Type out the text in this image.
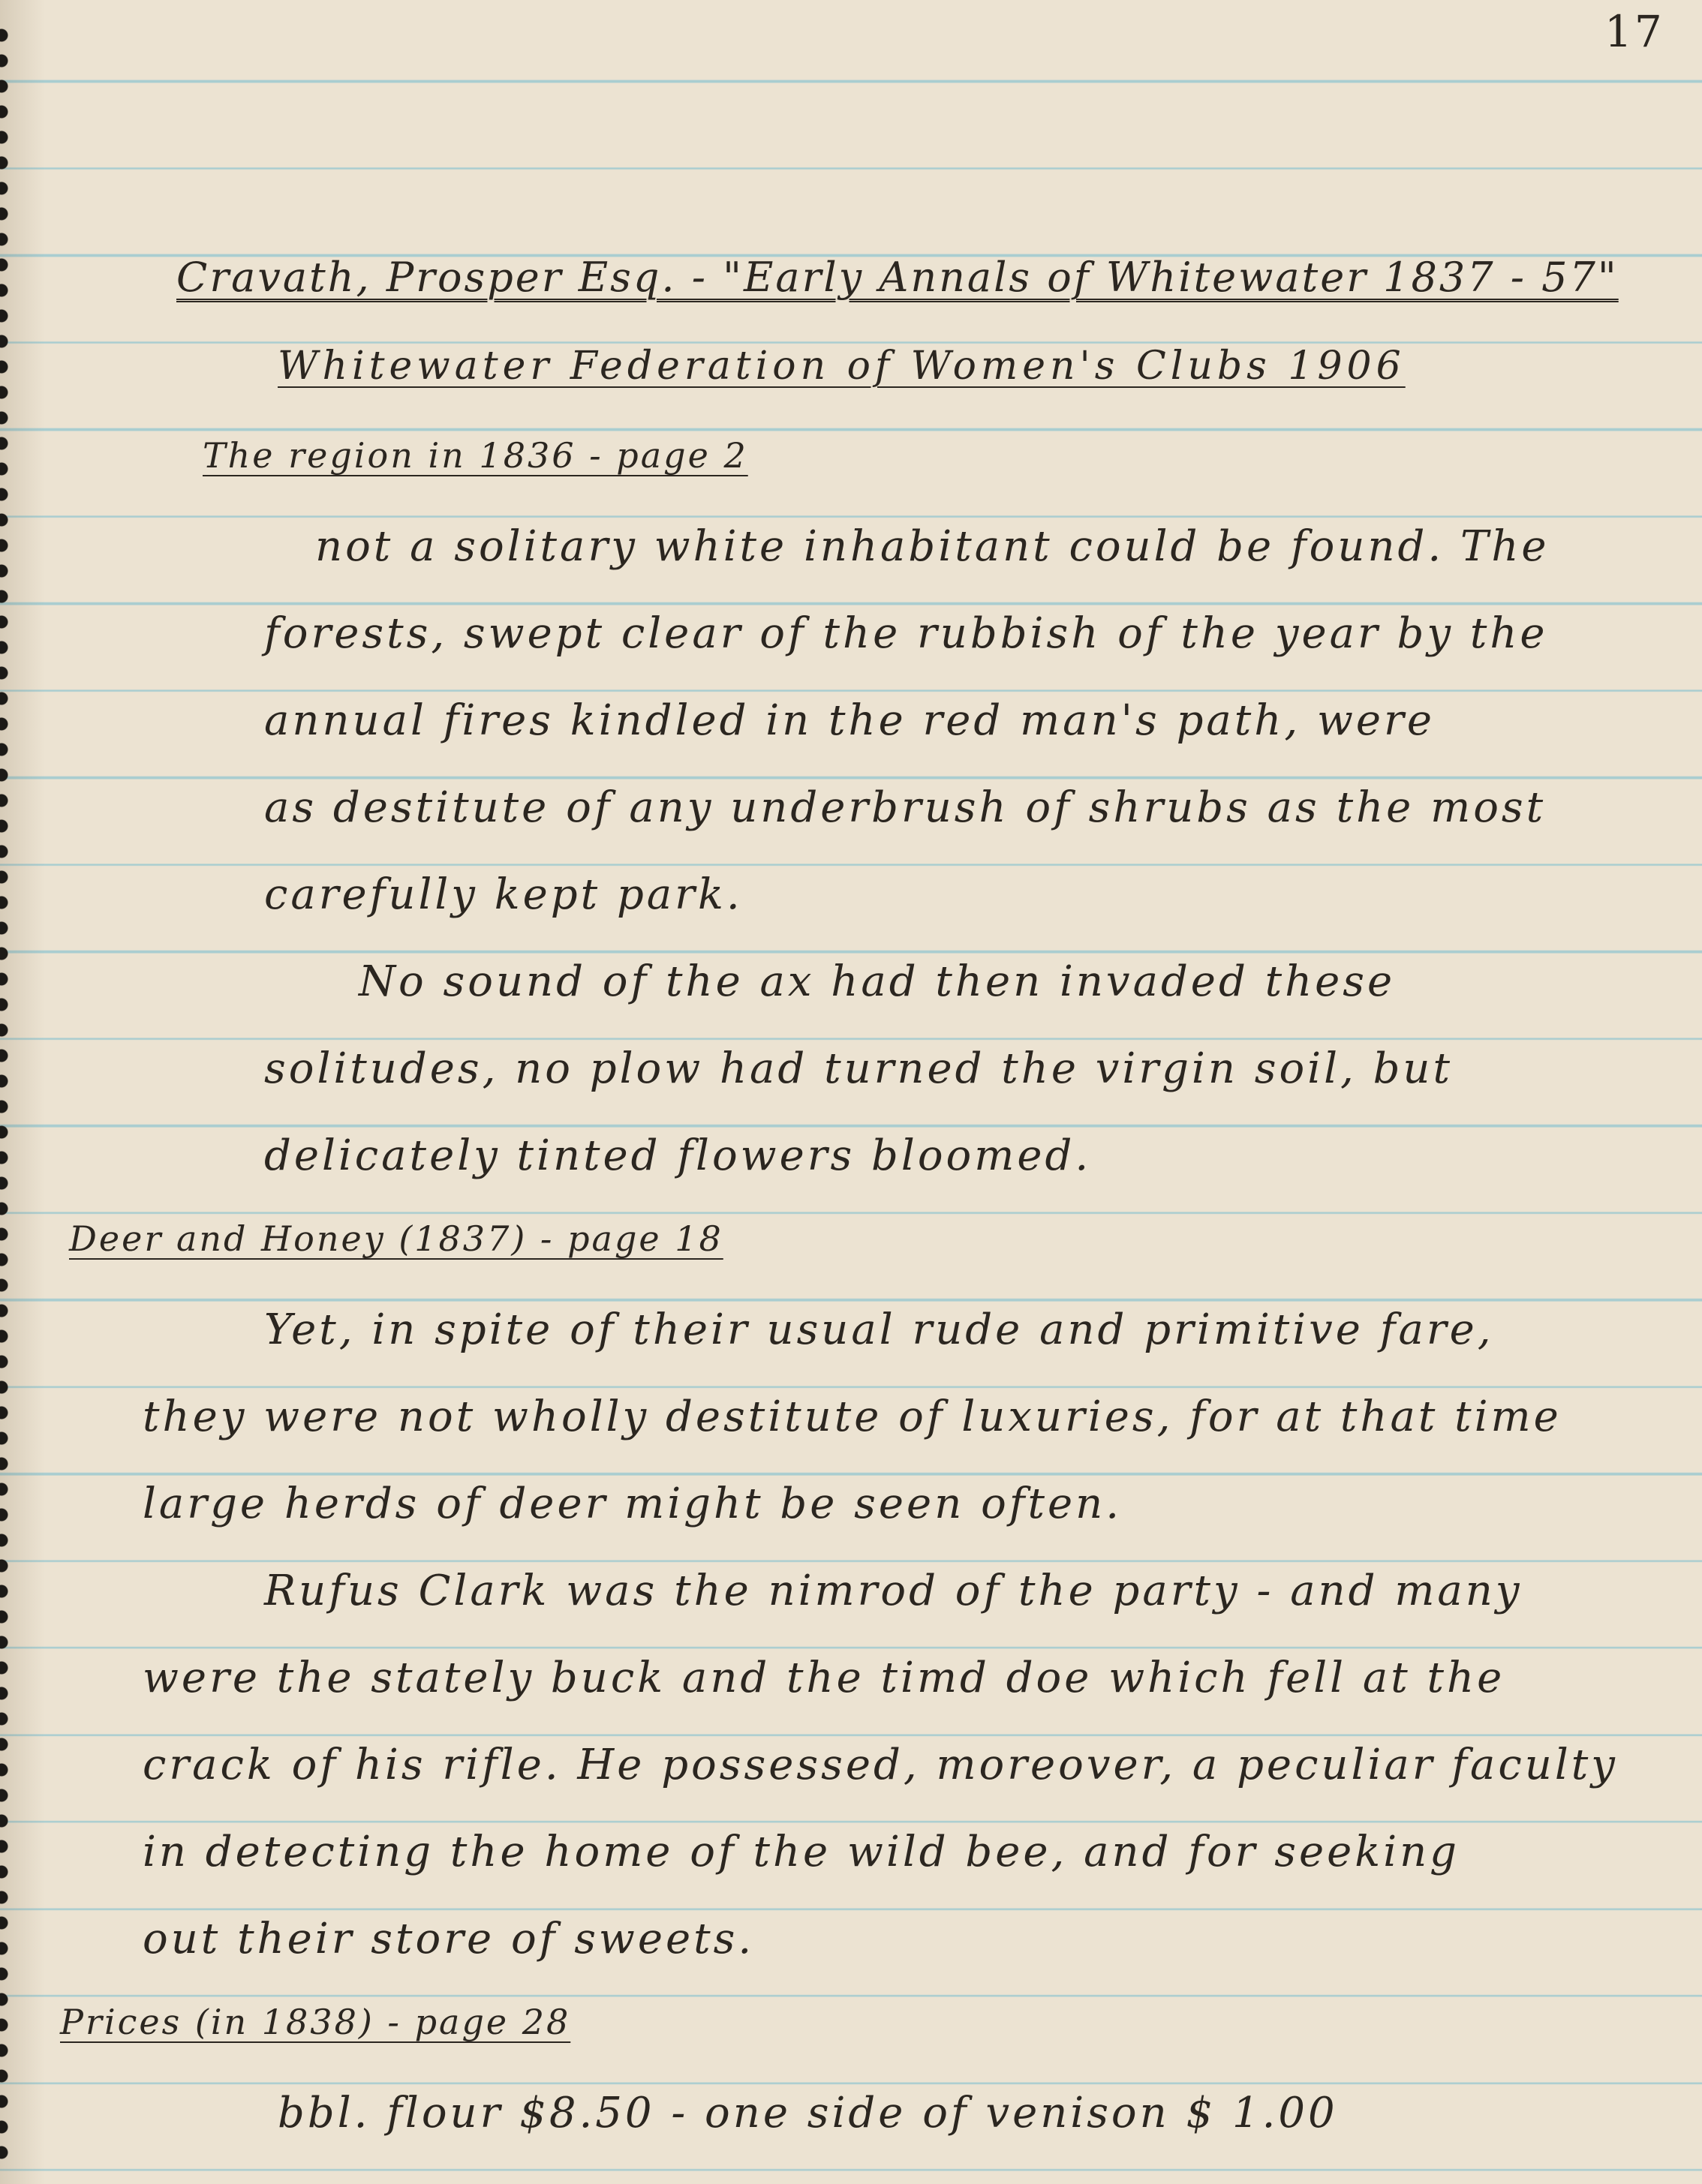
17
Cravath, Prosper Esq. - "Early Annals of Whitewater 1837 - 57"
Whitewater Federation of Women's Clubs 1906
The region in 1836 - page 2
not a solitary white inhabitant could be found. The
forests, swept clear of the rubbish of the year by the
annual fires kindled in the red man's path, were
as destitute of any underbrush of shrubs as the most
carefully kept park.
No sound of the ax had then invaded these
solitudes, no plow had turned the virgin soil, but
delicately tinted flowers bloomed.
Deer and Honey (1837) - page 18
Yet, in spite of their usual rude and primitive fare,
they were not wholly destitute of luxuries, for at that time
large herds of deer might be seen often.
Rufus Clark was the nimrod of the party - and many
were the stately buck and the timd doe which fell at the
crack of his rifle. He possessed, moreover, a peculiar faculty
in detecting the home of the wild bee, and for seeking
out their store of sweets.
Prices (in 1838) - page 28
bbl. flour $8.50 - one side of venison $ 1.00
